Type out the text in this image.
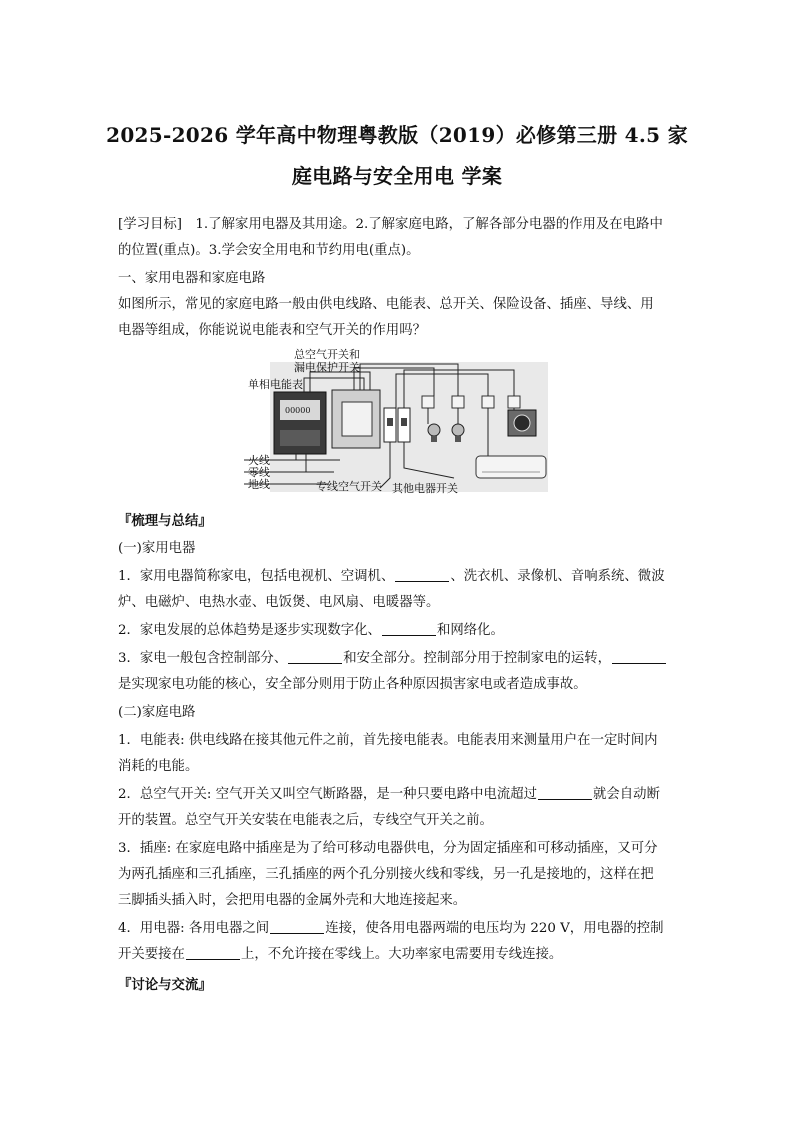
2025-2026 学年高中物理粤教版（2019）必修第三册 4.5 家
庭电路与安全用电 学案
[学习目标]　1.了解家用电器及其用途。2.了解家庭电路，了解各部分电器的作用及在电路中
的位置(重点)。3.学会安全用电和节约用电(重点)。
一、家用电器和家庭电路
如图所示，常见的家庭电路一般由供电线路、电能表、总开关、保险设备、插座、导线、用
电器等组成，你能说说电能表和空气开关的作用吗？
00000
总空气开关和
漏电保护开关
单相电能表
火线
零线
地线	专线空气开关 其他电器开关
『梳理与总结』
(一)家用电器
1．家用电器简称家电，包括电视机、空调机、	、洗衣机、录像机、音响系统、微波
炉、电磁炉、电热水壶、电饭煲、电风扇、电暖器等。
2．家电发展的总体趋势是逐步实现数字化、	和网络化。
3．家电一般包含控制部分、	和安全部分。控制部分用于控制家电的运转，
是实现家电功能的核心，安全部分则用于防止各种原因损害家电或者造成事故。
(二)家庭电路
1．电能表: 供电线路在接其他元件之前，首先接电能表。电能表用来测量用户在一定时间内
消耗的电能。
2．总空气开关: 空气开关又叫空气断路器，是一种只要电路中电流超过	就会自动断
开的装置。总空气开关安装在电能表之后，专线空气开关之前。
3．插座: 在家庭电路中插座是为了给可移动电器供电，分为固定插座和可移动插座，又可分
为两孔插座和三孔插座，三孔插座的两个孔分别接火线和零线，另一孔是接地的，这样在把
三脚插头插入时，会把用电器的金属外壳和大地连接起来。
4．用电器: 各用电器之间	连接，使各用电器两端的电压均为 220 V，用电器的控制
开关要接在	上，不允许接在零线上。大功率家电需要用专线连接。
『讨论与交流』
